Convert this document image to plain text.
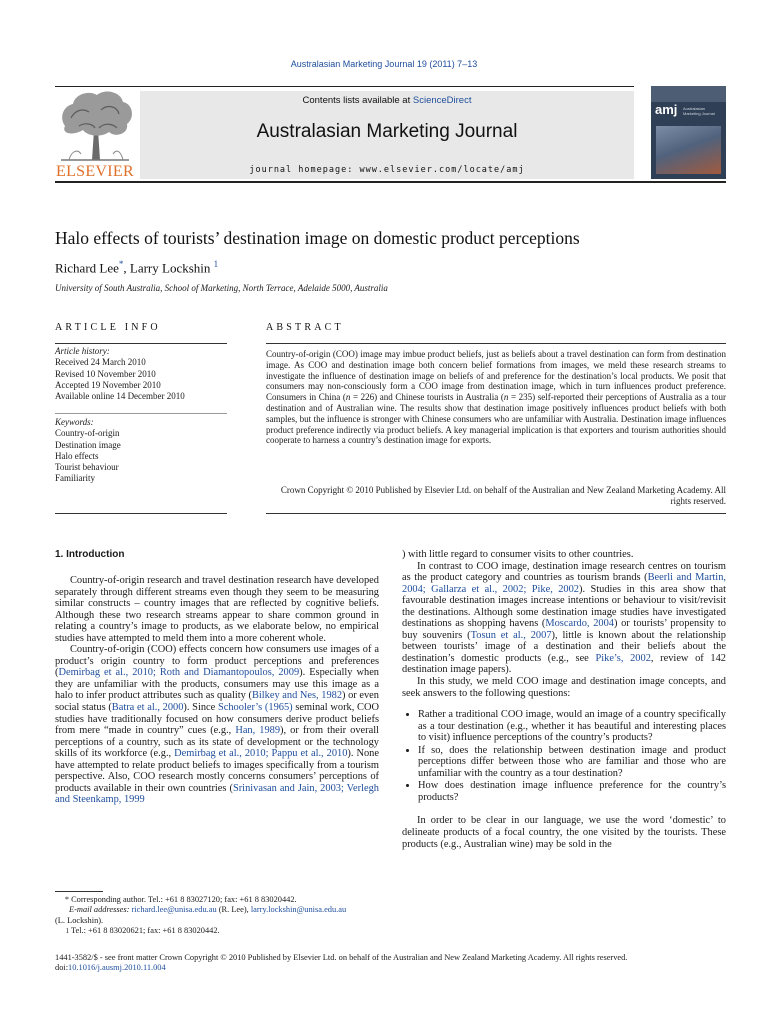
Australasian Marketing Journal 19 (2011) 7–13
ELSEVIER
Contents lists available at ScienceDirect
Australasian Marketing Journal
journal homepage: www.elsevier.com/locate/amj
amj Australasian Marketing Journal
Halo effects of tourists’ destination image on domestic product perceptions
Richard Lee*, Larry Lockshin $^1$
University of South Australia, School of Marketing, North Terrace, Adelaide 5000, Australia
ARTICLE INFO	ABSTRACT
Article history:
Received 24 March 2010
Revised 10 November 2010
Accepted 19 November 2010
Available online 14 December 2010
Keywords:
Country-of-origin
Destination image
Halo effects
Tourist behaviour
Familiarity
Country-of-origin (COO) image may imbue product beliefs, just as beliefs about a travel destination can form from destination image. As COO and destination image both concern belief formations from images, we meld these research streams to investigate the influence of destination image on beliefs of and preference for the destination’s local products. We posit that consumers may non-consciously form a COO image from destination image, which in turn influences product preference. Consumers in China (n = 226) and Chinese tourists in Australia (n = 235) self-reported their perceptions of Australia as a tour destination and of Australian wine. The results show that destination image positively influences product beliefs with both samples, but the influence is stronger with Chinese consumers who are unfamiliar with Australia. Destination image influences product preference indirectly via product beliefs. A key managerial implication is that exporters and tourism authorities should cooperate to harness a country’s destination image for exports.
Crown Copyright © 2010 Published by Elsevier Ltd. on behalf of the Australian and New Zealand Marketing Academy. All rights reserved.
1. Introduction

Country-of-origin research and travel destination research have developed separately through different streams even though they seem to be measuring similar constructs – country images that are reflected by cognitive beliefs. Although these two research streams appear to share common ground in relating a country’s image to products, as we elaborate below, no empirical studies have attempted to meld them into a more coherent whole.

Country-of-origin (COO) effects concern how consumers use images of a product’s origin country to form product perceptions and preferences (Demirbag et al., 2010; Roth and Diamantopoulos, 2009). Especially when they are unfamiliar with the products, consumers may use this image as a halo to infer product attributes such as quality (Bilkey and Nes, 1982) or even social status (Batra et al., 2000). Since Schooler’s (1965) seminal work, COO studies have traditionally focused on how consumers derive product beliefs from mere “made in country” cues (e.g., Han, 1989), or from their overall perceptions of a country, such as its state of development or the technology skills of its workforce (e.g., Demirbag et al., 2010; Pappu et al., 2010). None have attempted to relate product beliefs to images specifically from a tourism perspective. Also, COO research mostly concerns consumers’ perceptions of products available in their own countries (Srinivasan and Jain, 2003; Verlegh and Steenkamp, 1999

) with little regard to consumer visits to other countries.

In contrast to COO image, destination image research centres on tourism as the product category and countries as tourism brands (Beerli and Martin, 2004; Gallarza et al., 2002; Pike, 2002). Studies in this area show that favourable destination images increase intentions or behaviour to visit/revisit the destinations. Although some destination image studies have investigated destinations as shopping havens (Moscardo, 2004) or tourists’ propensity to buy souvenirs (Tosun et al., 2007), little is known about the relationship between tourists’ image of a destination and their beliefs about the destination’s domestic products (e.g., see Pike’s, 2002, review of 142 destination image papers).

In this study, we meld COO image and destination image concepts, and seek answers to the following questions:

• Rather a traditional COO image, would an image of a country specifically as a tour destination (e.g., whether it has beautiful and interesting places to visit) influence perceptions of the country’s products?
• If so, does the relationship between destination image and product perceptions differ between those who are familiar and those who are unfamiliar with the country as a tour destination?
• How does destination image influence preference for the country’s products?

In order to be clear in our language, we use the word ‘domestic’ to delineate products of a focal country, the one visited by the tourists. These products (e.g., Australian wine) may be sold in the

* Corresponding author. Tel.: +61 8 83027120; fax: +61 8 83020442.

E-mail addresses: richard.lee@unisa.edu.au (R. Lee), larry.lockshin@unisa.edu.au

(L. Lockshin).

1 Tel.: +61 8 83020621; fax: +61 8 83020442.

1441-3582/$ - see front matter Crown Copyright © 2010 Published by Elsevier Ltd. on behalf of the Australian and New Zealand Marketing Academy. All rights reserved.
doi:10.1016/j.ausmj.2010.11.004
